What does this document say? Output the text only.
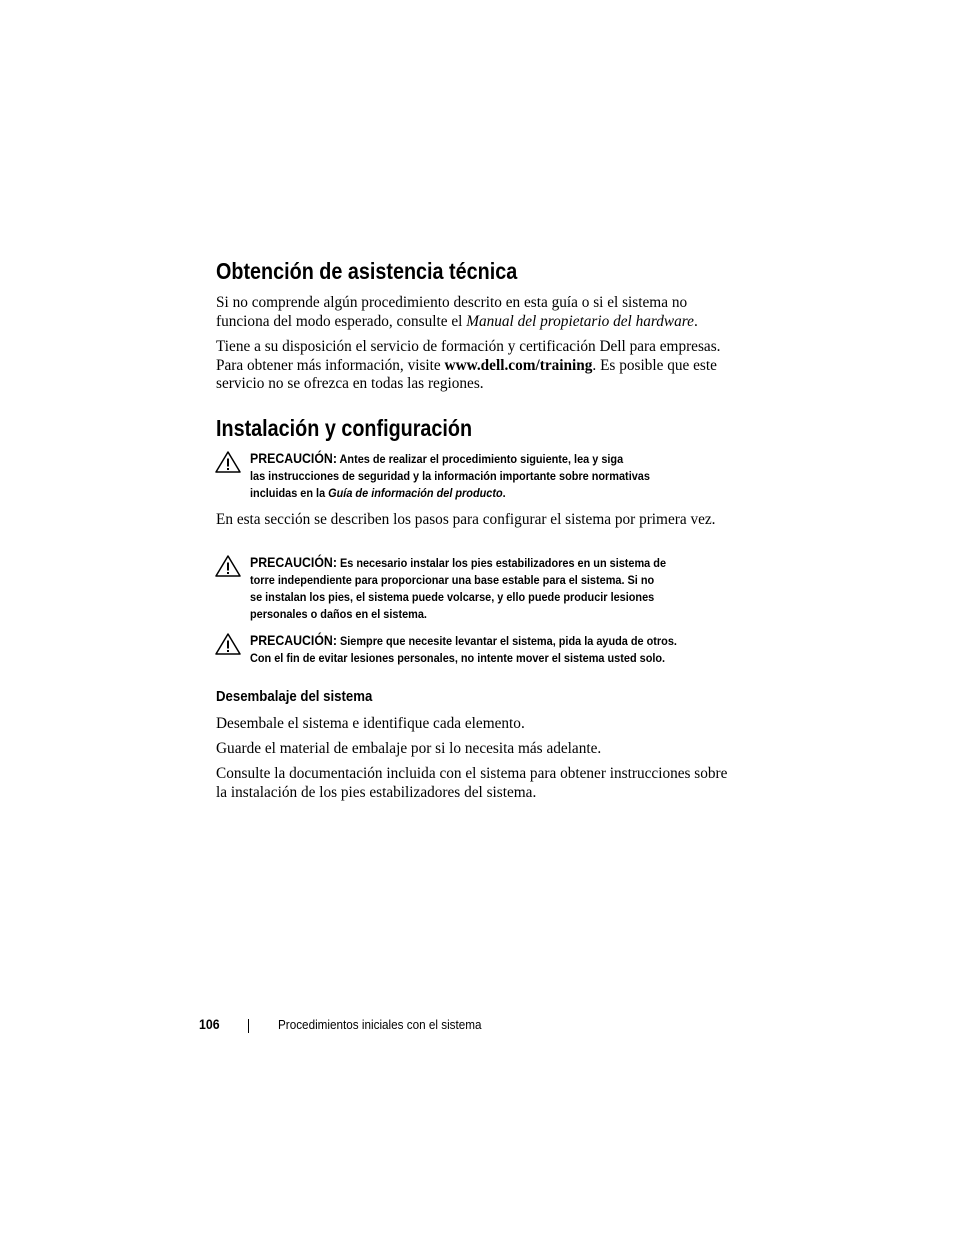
Obtención de asistencia técnica

Si no comprende algún procedimiento descrito en esta guía o si el sistema no funciona del modo esperado, consulte el Manual del propietario del hardware.

Tiene a su disposición el servicio de formación y certificación Dell para empresas. Para obtener más información, visite www.dell.com/training. Es posible que este servicio no se ofrezca en todas las regiones.

Instalación y configuración
PRECAUCIÓN: Antes de realizar el procedimiento siguiente, lea y siga
las instrucciones de seguridad y la información importante sobre normativas
incluidas en la Guía de información del producto.

En esta sección se describen los pasos para configurar el sistema por primera vez.

PRECAUCIÓN: Es necesario instalar los pies estabilizadores en un sistema de
torre independiente para proporcionar una base estable para el sistema. Si no
se instalan los pies, el sistema puede volcarse, y ello puede producir lesiones
personales o daños en el sistema.
PRECAUCIÓN: Siempre que necesite levantar el sistema, pida la ayuda de otros.
Con el fin de evitar lesiones personales, no intente mover el sistema usted solo.
Desembalaje del sistema

Desembale el sistema e identifique cada elemento.

Guarde el material de embalaje por si lo necesita más adelante.

Consulte la documentación incluida con el sistema para obtener instrucciones sobre la instalación de los pies estabilizadores del sistema.

106	Procedimientos iniciales con el sistema
